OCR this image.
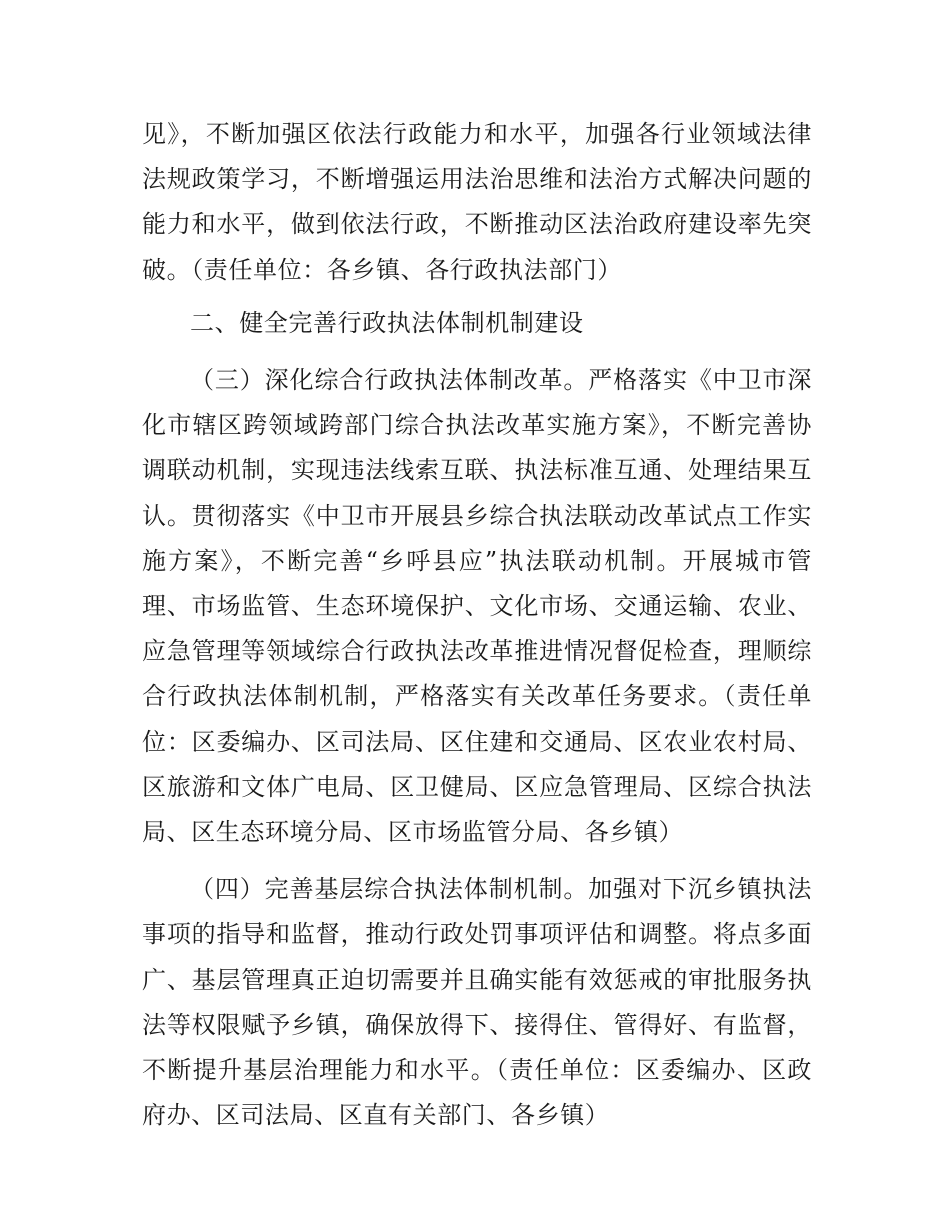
见》，不断加强区依法行政能力和水平，加强各行业领域法律法规政策学习，不断增强运用法治思维和法治方式解决问题的能力和水平，做到依法行政，不断推动区法治政府建设率先突破。（责任单位：各乡镇、各行政执法部门）

二、健全完善行政执法体制机制建设

（三）深化综合行政执法体制改革。严格落实《中卫市深化市辖区跨领域跨部门综合执法改革实施方案》，不断完善协调联动机制，实现违法线索互联、执法标准互通、处理结果互认。贯彻落实《中卫市开展县乡综合执法联动改革试点工作实施方案》，不断完善“乡呼县应”执法联动机制。开展城市管理、市场监管、生态环境保护、文化市场、交通运输、农业、应急管理等领域综合行政执法改革推进情况督促检查，理顺综合行政执法体制机制，严格落实有关改革任务要求。（责任单位：区委编办、区司法局、区住建和交通局、区农业农村局、区旅游和文体广电局、区卫健局、区应急管理局、区综合执法局、区生态环境分局、区市场监管分局、各乡镇）

（四）完善基层综合执法体制机制。加强对下沉乡镇执法事项的指导和监督，推动行政处罚事项评估和调整。将点多面广、基层管理真正迫切需要并且确实能有效惩戒的审批服务执法等权限赋予乡镇，确保放得下、接得住、管得好、有监督，不断提升基层治理能力和水平。（责任单位：区委编办、区政府办、区司法局、区直有关部门、各乡镇）
